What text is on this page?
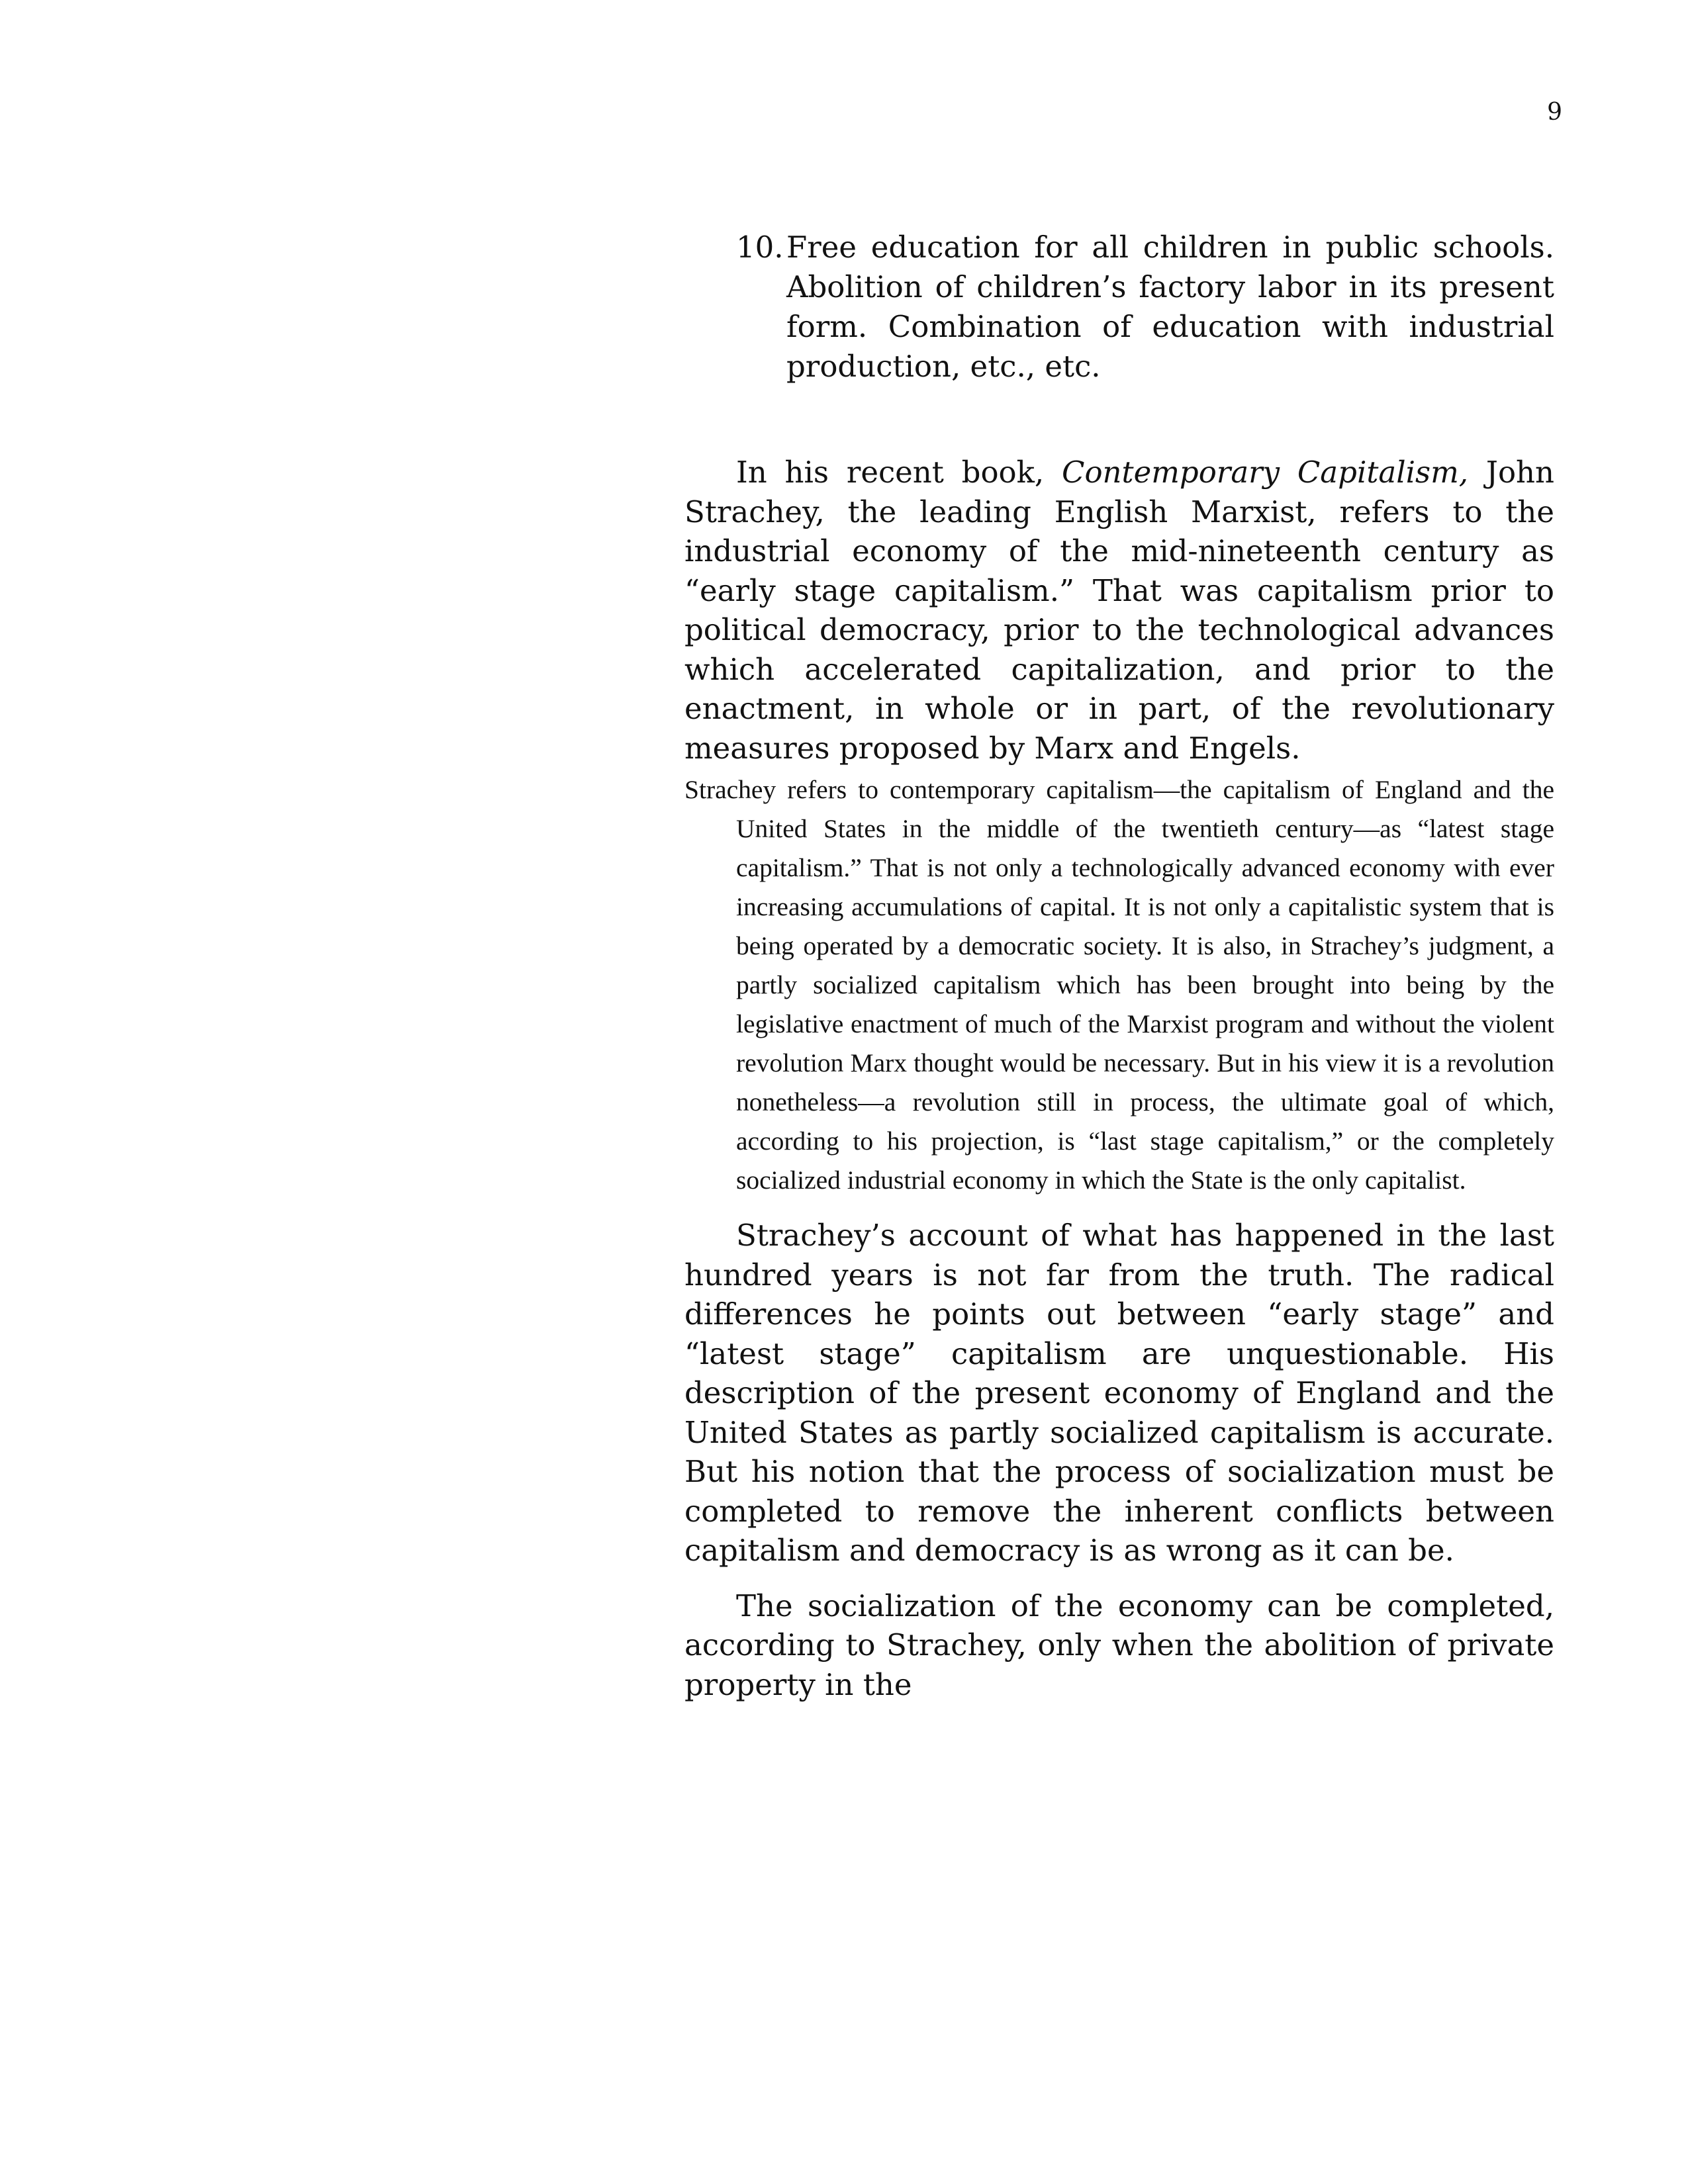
9
10. Free education for all children in public schools. Abolition of children’s factory labor in its present form. Combination of education with industrial production, etc., etc.

In his recent book, Contemporary Capitalism, John Strachey, the leading English Marxist, refers to the industrial economy of the mid-nineteenth century as “early stage capitalism.” That was capitalism prior to political democracy, prior to the technological advances which accelerated capitalization, and prior to the enactment, in whole or in part, of the revolutionary measures proposed by Marx and Engels.

Strachey refers to contemporary capitalism—the capitalism of England and the United States in the middle of the twentieth century—as “latest stage capitalism.” That is not only a technologically advanced economy with ever increasing accumulations of capital. It is not only a capitalistic system that is being operated by a democratic society. It is also, in Strachey’s judgment, a partly socialized capitalism which has been brought into being by the legislative enactment of much of the Marxist program and without the violent revolution Marx thought would be necessary. But in his view it is a revolution nonetheless—a revolution still in process, the ultimate goal of which, according to his projection, is “last stage capitalism,” or the completely socialized industrial economy in which the State is the only capitalist.

Strachey’s account of what has happened in the last hundred years is not far from the truth. The radical differences he points out between “early stage” and “latest stage” capitalism are unquestionable. His description of the present economy of England and the United States as partly socialized capitalism is accurate. But his notion that the process of socialization must be completed to remove the inherent conflicts between capitalism and democracy is as wrong as it can be.

The socialization of the economy can be completed, according to Strachey, only when the abolition of private property in the
